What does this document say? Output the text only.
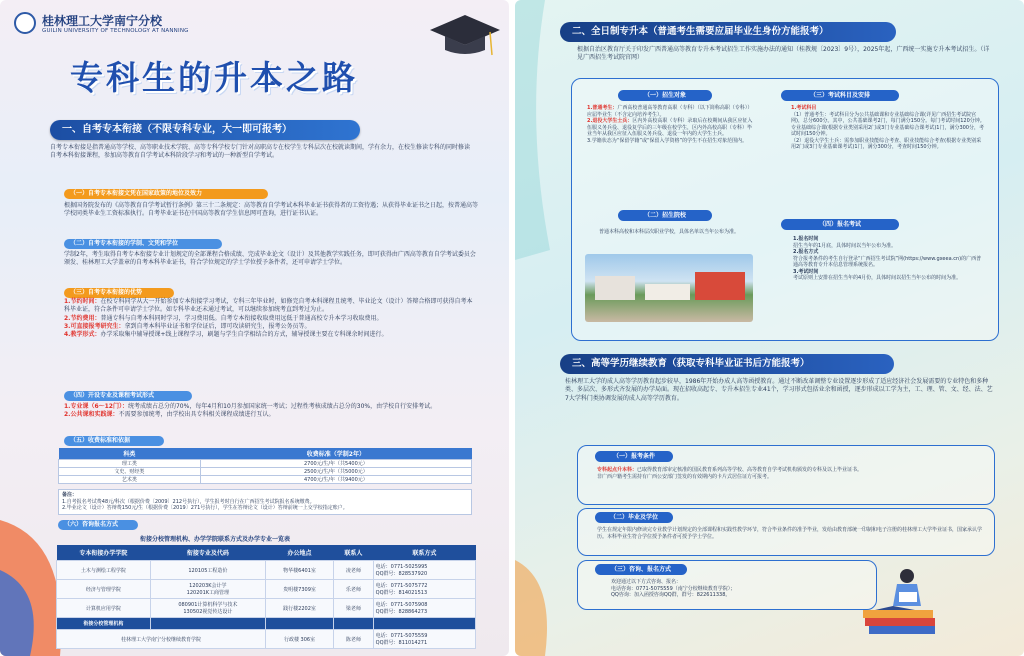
桂林理工大学南宁分校
GUILIN UNIVERSITY OF TECHNOLOGY AT NANNING
专科生的升本之路
一、自考专本衔接（不限专科专业，大一即可报考）
自考专本衔接是指普通高等学校、高等职业技术学院、高等专科学校专门针对高职高专在校学生专科层次在校就读期间，学有余力，在校生修读专科的同时修读自考本科衔接课程，参加高等教育自学考试本科阶段学习和考试的一种新型自学考试。
（一）自考专本衔接文凭在国家政策的地位及效力
根据国务院发布的《高等教育自学考试暂行条例》第三十二条规定：高等教育自学考试本科毕业证书获得者的工资待遇；从获得毕业证书之日起，按普通高等学校同类毕业生工资标准执行。自考毕业证书在中国高等教育学生信息网可查询，进行证书认证。
（二）自考专本衔接的学制、文凭和学位
学制2年，考生取得自考专本衔接专业计划规定的全部课程合格成绩、完成毕业论文（设计）及其他教学实践任务，即可获得由广西高等教育自学考试委员会颁发、桂林理工大学盖章的自考本科毕业证书，符合学位规定的学士学位授予条件者，还可申请学士学位。
（三）自考专本衔接的优势
1.节约时间：在校专科同学从大一开始参加专本衔接学习考试，专科三年毕业时，如修完自考本科课程且统考、毕业论文（设计）答辩合格即可获得自考本科毕业证，符合条件可申请学士学位。如专科毕业还未通过考试，可以继续参加统考直到考过为止。
2.节约费用：普通专科与自考本科同时学习，学习费用低。自考专本衔接收取费用远低于普通高校专升本学习收取费用。
3.可直接报考研究生：拿到自考本科毕业证书和学位证后，即可攻读研究生，报考公务员等。
4.教学形式：办学采取集中辅导授课+线上课程学习，刷题与学生自学相结合的方式，辅导授课主要在专科课余时间进行。
（四）开设专业及课程考试形式
1.专业课（6～12门）：统考成绩占总分的70%，每年4月和10月参加国家统一考试；过程性考核成绩占总分的30%，由学校自行安排考试。
2.公共课和实践课：不需要参加统考，由学校出具专科相关课程成绩进行互认。
（五）收费标准和依据
科类	收费标准（学制2年）
理工类	2700元/生/年（共5400元）
文史、财经类	2500元/生/年（共5000元）
艺术类	4700元/生/年（共9400元）
备注：
1.自考报名考试费48元/科次（根据价费〔2009〕212号执行），学生报考时自行在广西招生考试院报名系统缴费。
2.毕业论文（设计）答辩费150元/生（根据价费〔2019〕271号执行），学生在答辩论文（设计）答辩前统一上交学校指定账户。
（六）咨询报名方式
衔接分校管理机构、办学学院联系方式及办学专业一览表
专本衔接办学学院	衔接专业及代码	办公地点	联系人	联系方式
土木与测绘工程学院	120105工程造价	物华楼6401室	凌老师	电话：0771-5025995
QQ群号：828537920
经济与管理学院	120203K会计学
120201K工商管理	贵明楼7309室	乐老师	电话：0771-5075772
QQ群号：814021513
计算机应用学院	080901计算机科学与技术
130502视觉传达设计	践行楼2202室	梁老师	电话：0771-5075908
QQ群号：828864273
衔接分校管理机构				
桂林理工大学南宁分校继续教育学院		行政楼 306室	陈老师	电话：0771-5075559
QQ群号：811014271
二、全日制专升本（普通考生需要应届毕业生身份方能报考）
根据自治区教育厅关于印发广西普通高等教育专升本考试招生工作实施办法的通知（桂教规〔2023〕9号），2025年起，广西统一实施专升本考试招生。（详见广西招生考试院官网）
（一）招生对象
1.普通考生：广西高校普通高等教育高职（专科）（以下简称高职（专科））应届毕业生（不含定向培养考生）。
2.退役大学生士兵：区内外高校高职（专科）录取后在校期间从我区应征入伍服义务兵役、退役复学后的三年级在校学生，区内外高校高职（专科）毕业当年从我区应征入伍服义务兵役、退役一年内的大学生士兵。
3.学籍状态为“保留学籍”或“保留入学资格”的学生不在招生对象范围内。
（二）招生院校
普通本科高校和本科层次职业学校，具体名单以当年公布为准。
（三）考试科目及安排
1.考试科目
（1）普通考生：考试科目分为公共基础课和专业基础综合课(详见广西招生考试院官网)，总分600分。其中，公共基础课考2门，每门满分150分。每门考试时间120分钟。专业基础综合课(根据专业类别采用2门或3门专业基础综合课考试)1门，满分300分，考试时间150分钟。
（2）退役大学生士兵：需参加职业技能综合考查、职业技能综合考查(根据专业类别采用2门或3门专业基础课考试)1门，满分300分，考查时间150分钟。
（四）报名考试
1.报名时间
招生当年的1月底，具体时间以当年公布为准。
2.报名方式
符合报考条件的考生自行登录“广西招生考试院”网(https://www.gxeea.cn)的广西普通高等教育专升本信息管理系统报名。
3.考试时间
考试原则上安排在招生当年的4月份，具体时间以招生当年公布的时间为准。
三、高等学历继续教育（获取专科毕业证书后方能报考）
桂林理工大学的成人高等学历教育起步较早，1986年开始办成人高等函授教育。通过不断改革调整专业设置逐步形成了适应经济社会发展需要的专业特色和多种类、多层次、多形式齐发展的办学局面。现在招收高起专、专升本招生专业41个，学习形式包括业余和函授，逐步形成以工学为主，工、理、管、文、经、法、艺7大学科门类协调发展的成人高等学历教育。
（一）报考条件
专科起点升本科：已取得教育部审定核准的国民教育系列高等学校、高等教育自学考试机构颁发的专科及以上毕业证书。
非广西户籍考生需持有广西公安部门签发的有效期内的卡片式居住证方可报考。
（二）毕业及学位
学生在规定年限内修读完专业教学计划规定的全部课程和实践性教学环节，符合毕业条件的准予毕业，发给由教育部统一印制和电子注册的桂林理工大学毕业证书，国家承认学历。本科毕业生符合学位授予条件者可授予学士学位。
（三）咨询、报名方式
欢迎通过以下方式咨询、报名：
电话咨询：0771-5075559（南宁分校继续教育学院）；
QQ咨询：加入函授咨询QQ群，群号：822611338。
